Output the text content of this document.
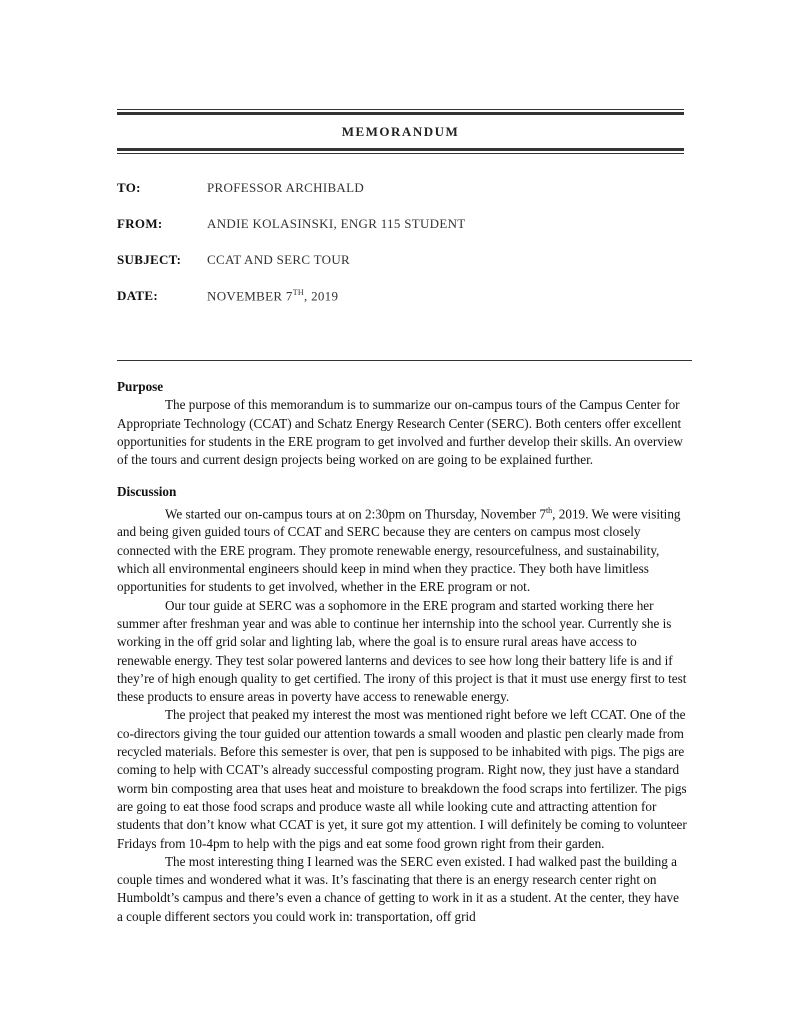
MEMORANDUM
TO:	PROFESSOR ARCHIBALD
FROM:	ANDIE KOLASINSKI, ENGR 115 STUDENT
SUBJECT: CCAT AND SERC TOUR
DATE:	NOVEMBER 7TH, 2019
Purpose

The purpose of this memorandum is to summarize our on-campus tours of the Campus Center for Appropriate Technology (CCAT) and Schatz Energy Research Center (SERC). Both centers offer excellent opportunities for students in the ERE program to get involved and further develop their skills. An overview of the tours and current design projects being worked on are going to be explained further.

Discussion

We started our on-campus tours at on 2:30pm on Thursday, November 7th, 2019. We were visiting and being given guided tours of CCAT and SERC because they are centers on campus most closely connected with the ERE program. They promote renewable energy, resourcefulness, and sustainability, which all environmental engineers should keep in mind when they practice. They both have limitless opportunities for students to get involved, whether in the ERE program or not.

Our tour guide at SERC was a sophomore in the ERE program and started working there her summer after freshman year and was able to continue her internship into the school year. Currently she is working in the off grid solar and lighting lab, where the goal is to ensure rural areas have access to renewable energy. They test solar powered lanterns and devices to see how long their battery life is and if they’re of high enough quality to get certified. The irony of this project is that it must use energy first to test these products to ensure areas in poverty have access to renewable energy.

The project that peaked my interest the most was mentioned right before we left CCAT. One of the co-directors giving the tour guided our attention towards a small wooden and plastic pen clearly made from recycled materials. Before this semester is over, that pen is supposed to be inhabited with pigs. The pigs are coming to help with CCAT’s already successful composting program. Right now, they just have a standard worm bin composting area that uses heat and moisture to breakdown the food scraps into fertilizer. The pigs are going to eat those food scraps and produce waste all while looking cute and attracting attention for students that don’t know what CCAT is yet, it sure got my attention. I will definitely be coming to volunteer Fridays from 10-4pm to help with the pigs and eat some food grown right from their garden.

The most interesting thing I learned was the SERC even existed. I had walked past the building a couple times and wondered what it was. It’s fascinating that there is an energy research center right on Humboldt’s campus and there’s even a chance of getting to work in it as a student. At the center, they have a couple different sectors you could work in: transportation, off grid
